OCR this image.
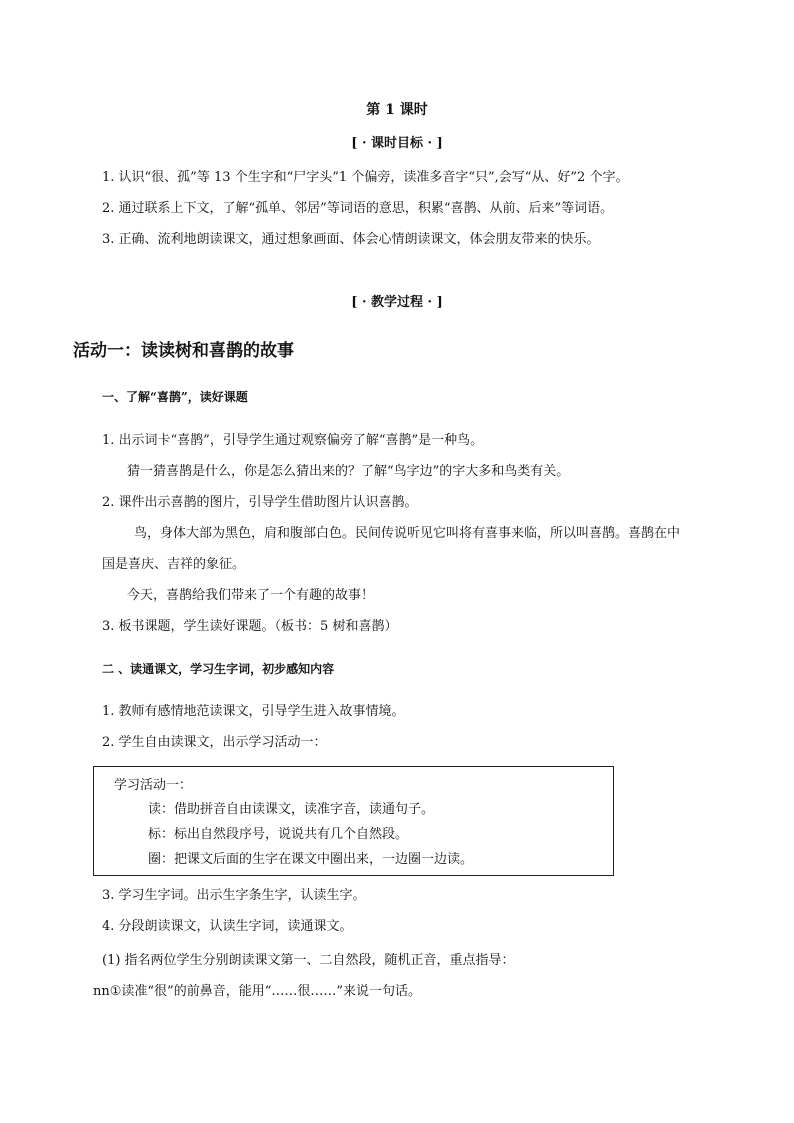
第 1 课时
[ · 课时目标 · ]
1. 认识“很、孤”等 13 个生字和“尸字头”1 个偏旁，读准多音字“只”,会写“从、好”2 个字。
2. 通过联系上下文，了解“孤单、邻居”等词语的意思，积累“喜鹊、从前、后来”等词语。
3. 正确、流利地朗读课文，通过想象画面、体会心情朗读课文，体会朋友带来的快乐。
[ · 教学过程 · ]
活动一：读读树和喜鹊的故事
一、了解“喜鹊”，读好课题
1. 出示词卡“喜鹊”，引导学生通过观察偏旁了解“喜鹊”是一种鸟。
猜一猜喜鹊是什么，你是怎么猜出来的？了解“鸟字边”的字大多和鸟类有关。
2. 课件出示喜鹊的图片，引导学生借助图片认识喜鹊。
鸟，身体大部为黑色，肩和腹部白色。民间传说听见它叫将有喜事来临，所以叫喜鹊。喜鹊在中
国是喜庆、吉祥的象征。
今天，喜鹊给我们带来了一个有趣的故事！
3. 板书课题，学生读好课题。（板书：5 树和喜鹊）
二 、读通课文，学习生字词，初步感知内容
1. 教师有感情地范读课文，引导学生进入故事情境。
2. 学生自由读课文，出示学习活动一：
学习活动一：
读：借助拼音自由读课文，读准字音，读通句子。
标：标出自然段序号，说说共有几个自然段。
圈：把课文后面的生字在课文中圈出来，一边圈一边读。
3. 学习生字词。出示生字条生字，认读生字。
4. 分段朗读课文，认读生字词，读通课文。
(1) 指名两位学生分别朗读课文第一、二自然段，随机正音，重点指导：
nn①读准“很”的前鼻音，能用“……很……”来说一句话。
